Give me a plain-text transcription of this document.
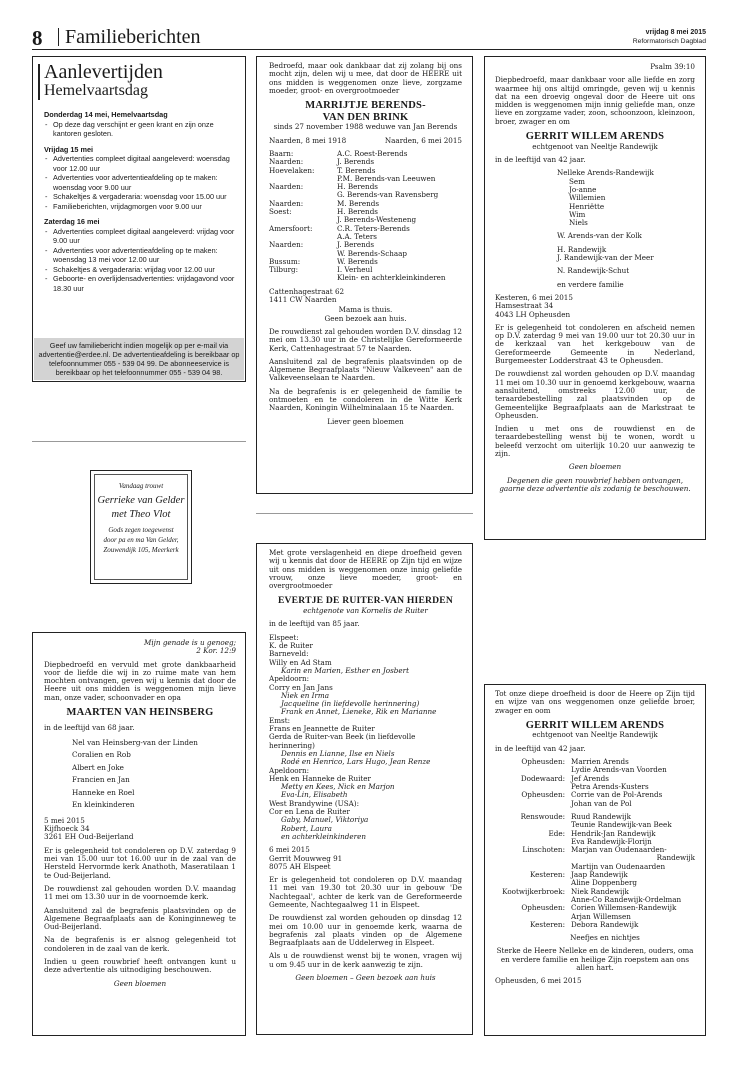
8 Familieberichten	vrijdag 8 mei 2015
Reformatorisch Dagblad
Aanlevertijden
Hemelvaartsdag
Donderdag 14 mei, Hemelvaartsdag
- Op deze dag verschijnt er geen krant en zijn onze kantoren gesloten.
Vrijdag 15 mei
- Advertenties compleet digitaal aangeleverd: woensdag voor 12.00 uur
- Advertenties voor advertentieafdeling op te maken: woensdag voor 9.00 uur
- Schakeltjes & vergaderaria: woensdag voor 15.00 uur
- Familieberichten, vrijdagmorgen voor 9.00 uur
Zaterdag 16 mei
- Advertenties compleet digitaal aangeleverd: vrijdag voor 9.00 uur
- Advertenties voor advertentieafdeling op te maken: woensdag 13 mei voor 12.00 uur
- Schakeltjes & vergaderaria: vrijdag voor 12.00 uur
- Geboorte- en overlijdensadvertenties: vrijdagavond voor 18.30 uur
Geef uw familiebericht indien mogelijk op per e-mail via advertentie@erdee.nl. De advertentieafdeling is bereikbaar op telefoonnummer 055 - 539 04 99. De abonneeservice is bereikbaar op het telefoonnummer 055 - 539 04 98.
Vandaag trouwt
Gerrieke van Gelder
met Theo Vlot
Gods zegen toegewenst
door pa en ma Van Gelder,
Zouwendijk 105, Meerkerk

Bedroefd, maar ook dankbaar dat zij zolang bij ons mocht zijn, delen wij u mee, dat door de HEERE uit ons midden is weggenomen onze lieve, zorgzame moeder, groot- en overgrootmoeder

MARRIJTJE BERENDS-
VAN DEN BRINK
sinds 27 november 1988 weduwe van Jan Berends
Naarden, 8 mei 1918	Naarden, 6 mei 2015
Baarn:	A.C. Roest-Berends
Naarden:	J. Berends
Hoevelaken:	T. Berends
P.M. Berends-van Leeuwen
Naarden:	H. Berends
G. Berends-van Ravensberg
Naarden:	M. Berends
Soest:	H. Berends
J. Berends-Westeneng
Amersfoort:	C.R. Teters-Berends
A.A. Teters
Naarden:	J. Berends
W. Berends-Schaap
Bussum:	W. Berends
Tilburg:	I. Verheul
Klein- en achterkleinkinderen
Cattenhagestraat 62
1411 CW Naarden
Mama is thuis.
Geen bezoek aan huis.

De rouwdienst zal gehouden worden D.V. dinsdag 12 mei om 13.30 uur in de Christelijke Gereformeerde Kerk, Cattenhagestraat 57 te Naarden.

Aansluitend zal de begrafenis plaatsvinden op de Algemene Begraafplaats "Nieuw Valkeveen" aan de Valkeveenselaan te Naarden.

Na de begrafenis is er gelegenheid de familie te ontmoeten en te condoleren in de Witte Kerk Naarden, Koningin Wilhelminalaan 15 te Naarden.

Liever geen bloemen
Psalm 39:10

Diepbedroefd, maar dankbaar voor alle liefde en zorg waarmee hij ons altijd omringde, geven wij u kennis dat na een droevig ongeval door de Heere uit ons midden is weggenomen mijn innig geliefde man, onze lieve en zorgzame vader, zoon, schoonzoon, kleinzoon, broer, zwager en om

GERRIT WILLEM ARENDS
echtgenoot van Neeltje Randewijk
in de leeftijd van 42 jaar.
Nelleke Arends-Randewijk
Sem
Jo-anne
Willemien
Henriëtte
Wim
Niels
W. Arends-van der Kolk
H. Randewijk
J. Randewijk-van der Meer
N. Randewijk-Schut
en verdere familie
Kesteren, 6 mei 2015
Hamsestraat 34
4043 LH Opheusden

Er is gelegenheid tot condoleren en afscheid nemen op D.V. zaterdag 9 mei van 19.00 uur tot 20.30 uur in de kerkzaal van het kerkgebouw van de Gereformeerde Gemeente in Nederland, Burgemeester Lodderstraat 43 te Opheusden.

De rouwdienst zal worden gehouden op D.V. maandag 11 mei om 10.30 uur in genoemd kerkgebouw, waarna aansluitend, omstreeks 12.00 uur, de teraardebestelling zal plaatsvinden op de Gemeentelijke Begraafplaats aan de Markstraat te Opheusden.

Indien u met ons de rouwdienst en de teraardebestelling wenst bij te wonen, wordt u beleefd verzocht om uiterlijk 10.20 uur aanwezig te zijn.

Geen bloemen
Degenen die geen rouwbrief hebben ontvangen, gaarne deze advertentie als zodanig te beschouwen.
Mijn genade is u genoeg;
2 Kor. 12:9

Diepbedroefd en vervuld met grote dankbaarheid voor de liefde die wij in zo ruime mate van hem mochten ontvangen, geven wij u kennis dat door de Heere uit ons midden is weggenomen mijn lieve man, onze vader, schoonvader en opa

MAARTEN VAN HEINSBERG
in de leeftijd van 68 jaar.
Nel van Heinsberg-van der Linden
Coralien en Rob
Albert en Joke
Francien en Jan
Hanneke en Roel
En kleinkinderen
5 mei 2015
Kijfhoeck 34
3261 EH Oud-Beijerland

Er is gelegenheid tot condoleren op D.V. zaterdag 9 mei van 15.00 uur tot 16.00 uur in de zaal van de Hersteld Hervormde kerk Anathoth, Maseratilaan 1 te Oud-Beijerland.

De rouwdienst zal gehouden worden D.V. maandag 11 mei om 13.30 uur in de voornoemde kerk.

Aansluitend zal de begrafenis plaatsvinden op de Algemene Begraafplaats aan de Koninginneweg te Oud-Beijerland.

Na de begrafenis is er alsnog gelegenheid tot condoleren in de zaal van de kerk.

Indien u geen rouwbrief heeft ontvangen kunt u deze advertentie als uitnodiging beschouwen.

Geen bloemen

Met grote verslagenheid en diepe droefheid geven wij u kennis dat door de HEERE op Zijn tijd en wijze uit ons midden is weggenomen onze innig geliefde vrouw, onze lieve moeder, groot- en overgrootmoeder

EVERTJE DE RUITER-VAN HIERDEN
echtgenote van Kornelis de Ruiter
in de leeftijd van 85 jaar.
Elspeet:
K. de Ruiter
Barneveld:
Willy en Ad Stam
Karin en Marien, Esther en Josbert
Apeldoorn:
Corry en Jan Jans
Niek en Irma
Jacqueline (in liefdevolle herinnering)
Frank en Annet, Lieneke, Rik en Marianne
Emst:
Frans en Jeannette de Ruiter
Gerda de Ruiter-van Beek (in liefdevolle herinnering)
Dennis en Lianne, Ilse en Niels
Rodé en Henrico, Lars Hugo, Jean Renze
Apeldoorn:
Henk en Hanneke de Ruiter
Metty en Kees, Nick en Marjon
Eva-Lin, Elisabeth
West Brandywine (USA):
Cor en Lena de Ruiter
Gaby, Manuel, Viktoriya
Robert, Laura
en achterkleinkinderen
6 mei 2015
Gerrit Mouwweg 91
8075 AH Elspeet

Er is gelegenheid tot condoleren op D.V. maandag 11 mei van 19.30 tot 20.30 uur in gebouw 'De Nachtegaal', achter de kerk van de Gereformeerde Gemeente, Nachtegaalweg 11 in Elspeet.

De rouwdienst zal worden gehouden op dinsdag 12 mei om 10.00 uur in genoemde kerk, waarna de begrafenis zal plaats vinden op de Algemene Begraafplaats aan de Uddelerweg in Elspeet.

Als u de rouwdienst wenst bij te wonen, vragen wij u om 9.45 uur in de kerk aanwezig te zijn.

Geen bloemen – Geen bezoek aan huis

Tot onze diepe droefheid is door de Heere op Zijn tijd en wijze van ons weggenomen onze geliefde broer, zwager en oom

GERRIT WILLEM ARENDS
echtgenoot van Neeltje Randewijk
in de leeftijd van 42 jaar.
Opheusden: Marrien Arends
Lydie Arends-van Voorden
Dodewaard: Jef Arends
Petra Arends-Kusters
Opheusden: Corrie van de Pol-Arends
Johan van de Pol
Renswoude: Ruud Randewijk
Teunie Randewijk-van Beek
Ede: Hendrik-Jan Randewijk
Eva Randewijk-Florijn
Linschoten: Marjan van Oudenaarden-
Randewijk
Martijn van Oudenaarden
Kesteren: Jaap Randewijk
Aline Doppenberg
Kootwijkerbroek: Niek Randewijk
Anne-Co Randewijk-Ordelman
Opheusden: Corien Willemsen-Randewijk
Arjan Willemsen
Kesteren: Debora Randewijk
Neefjes en nichtjes

Sterke de Heere Nelleke en de kinderen, ouders, oma en verdere familie en heilige Zijn roepstem aan ons allen hart.

Opheusden, 6 mei 2015
